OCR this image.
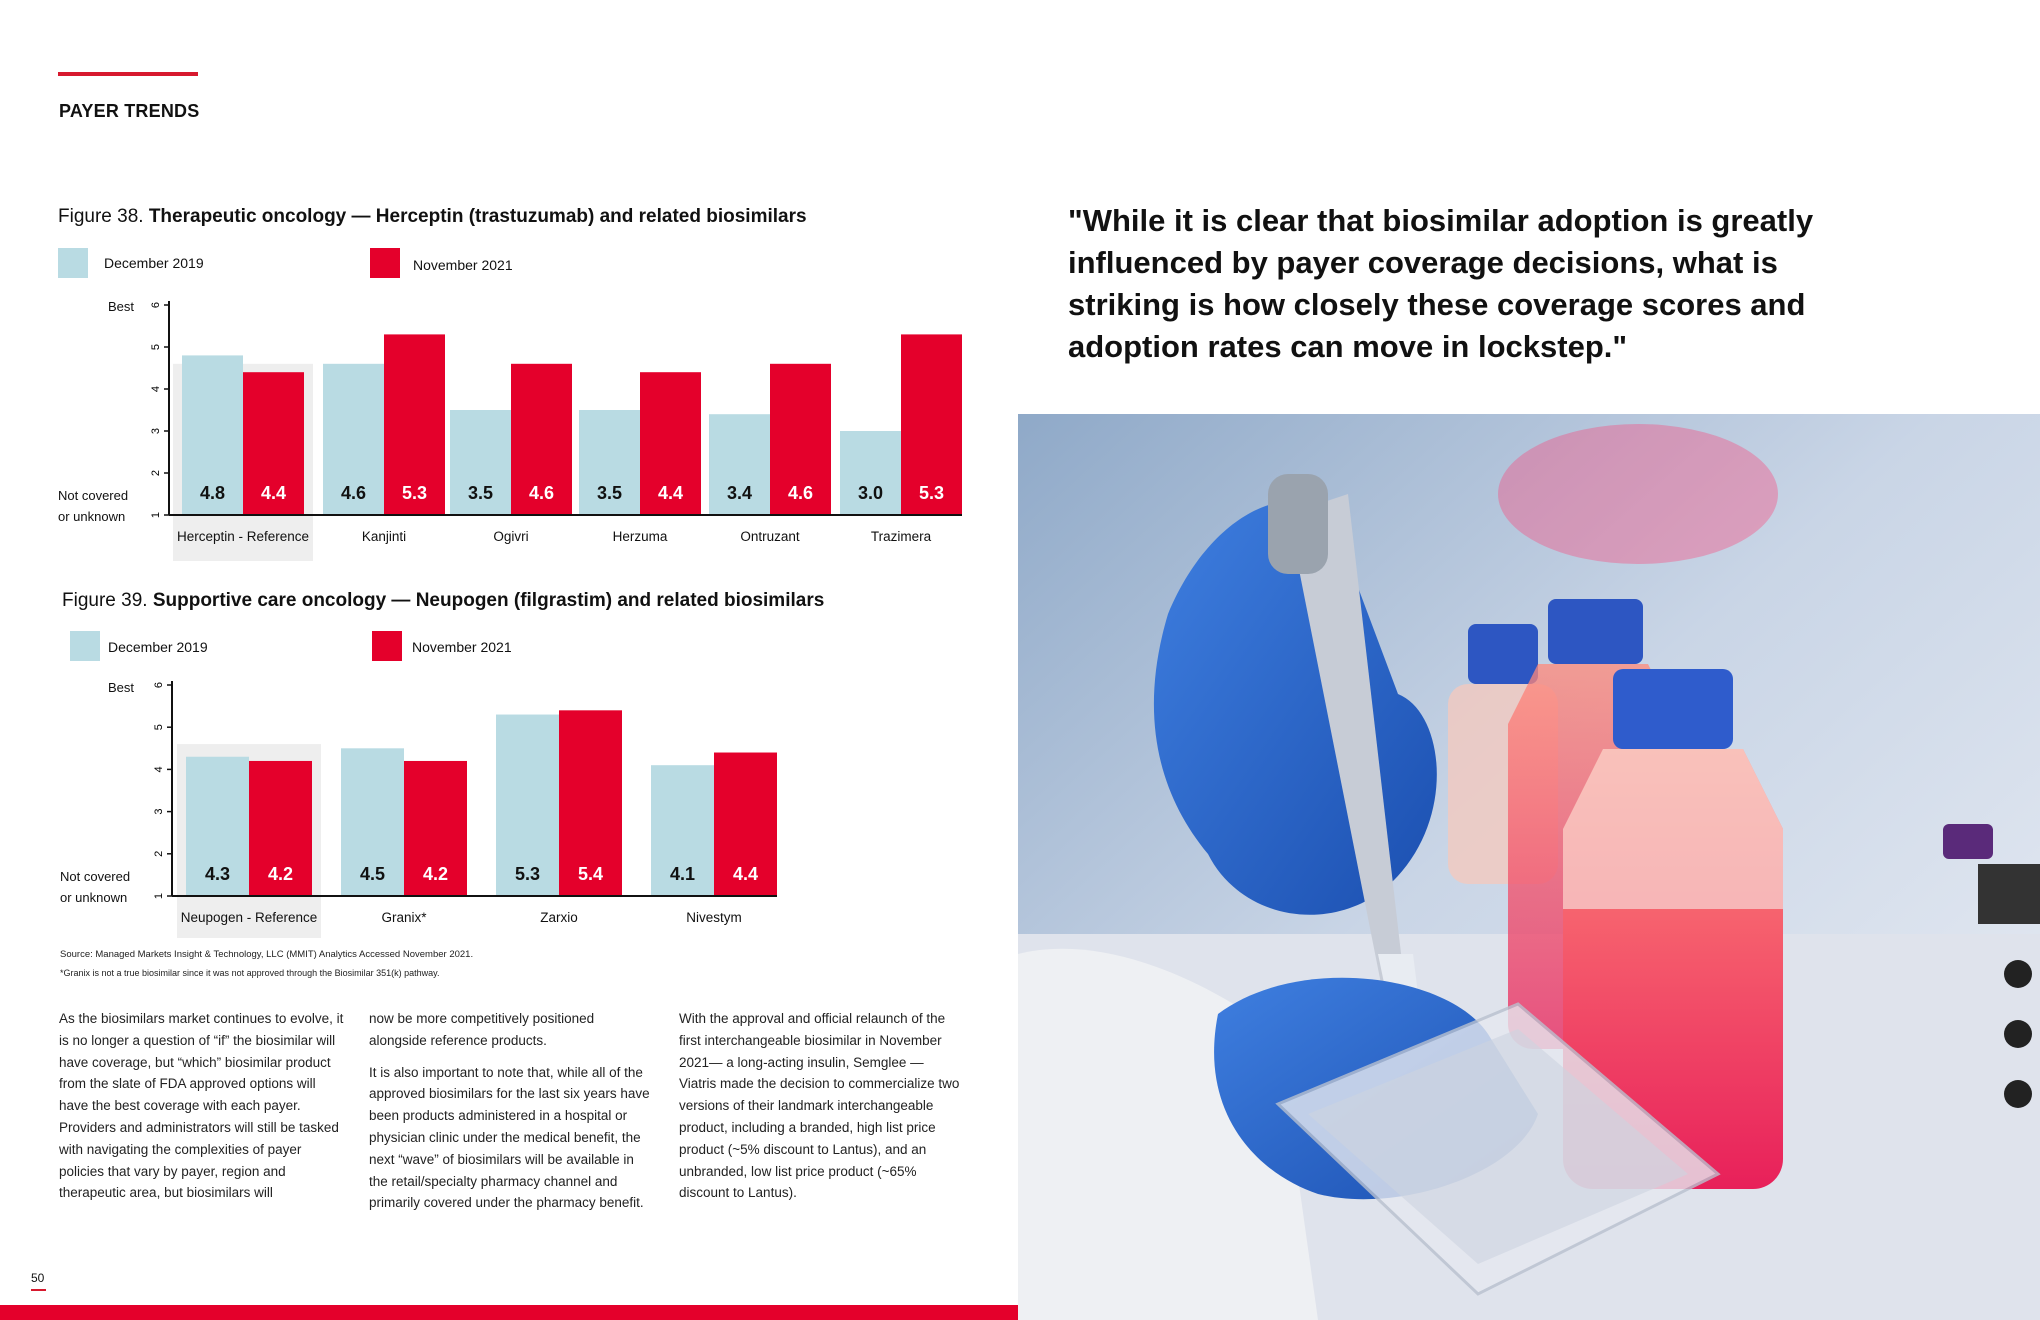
PAYER TRENDS
Figure 38. Therapeutic oncology — Herceptin (trastuzumab) and related biosimilars
December 2019	November 2021
Best
Not covered
or unknown 1
2
3
4
5
6
4.8 4.4
Herceptin - Reference
4.6 5.3
Kanjinti
3.5 4.6
Ogivri
3.5 4.4
Herzuma
3.4 4.6
Ontruzant
3.0 5.3
Trazimera
Figure 39. Supportive care oncology — Neupogen (filgrastim) and related biosimilars
December 2019	November 2021
Best
Not covered
or unknown 1
2
3
4
5
6
4.3 4.2
Neupogen - Reference
4.5 4.2
Granix*
5.3 5.4
Zarxio
4.1 4.4
Nivestym
Source: Managed Markets Insight & Technology, LLC (MMIT) Analytics Accessed November 2021.
*Granix is not a true biosimilar since it was not approved through the Biosimilar 351(k) pathway.

As the biosimilars market continues to evolve, it is no longer a question of “if” the biosimilar will have coverage, but “which” biosimilar product from the slate of FDA approved options will have the best coverage with each payer. Providers and administrators will still be tasked with navigating the complexities of payer policies that vary by payer, region and therapeutic area, but biosimilars will

now be more competitively positioned alongside reference products.

It is also important to note that, while all of the approved biosimilars for the last six years have been products administered in a hospital or physician clinic under the medical benefit, the next “wave” of biosimilars will be available in the retail/specialty pharmacy channel and primarily covered under the pharmacy benefit.

With the approval and official relaunch of the first interchangeable biosimilar in November 2021— a long-acting insulin, Semglee — Viatris made the decision to commercialize two versions of their landmark interchangeable product, including a branded, high list price product (~5% discount to Lantus), and an unbranded, low list price product (~65% discount to Lantus).

"While it is clear that biosimilar adoption is greatly influenced by payer coverage decisions, what is striking is how closely these coverage scores and adoption rates can move in lockstep."
50
